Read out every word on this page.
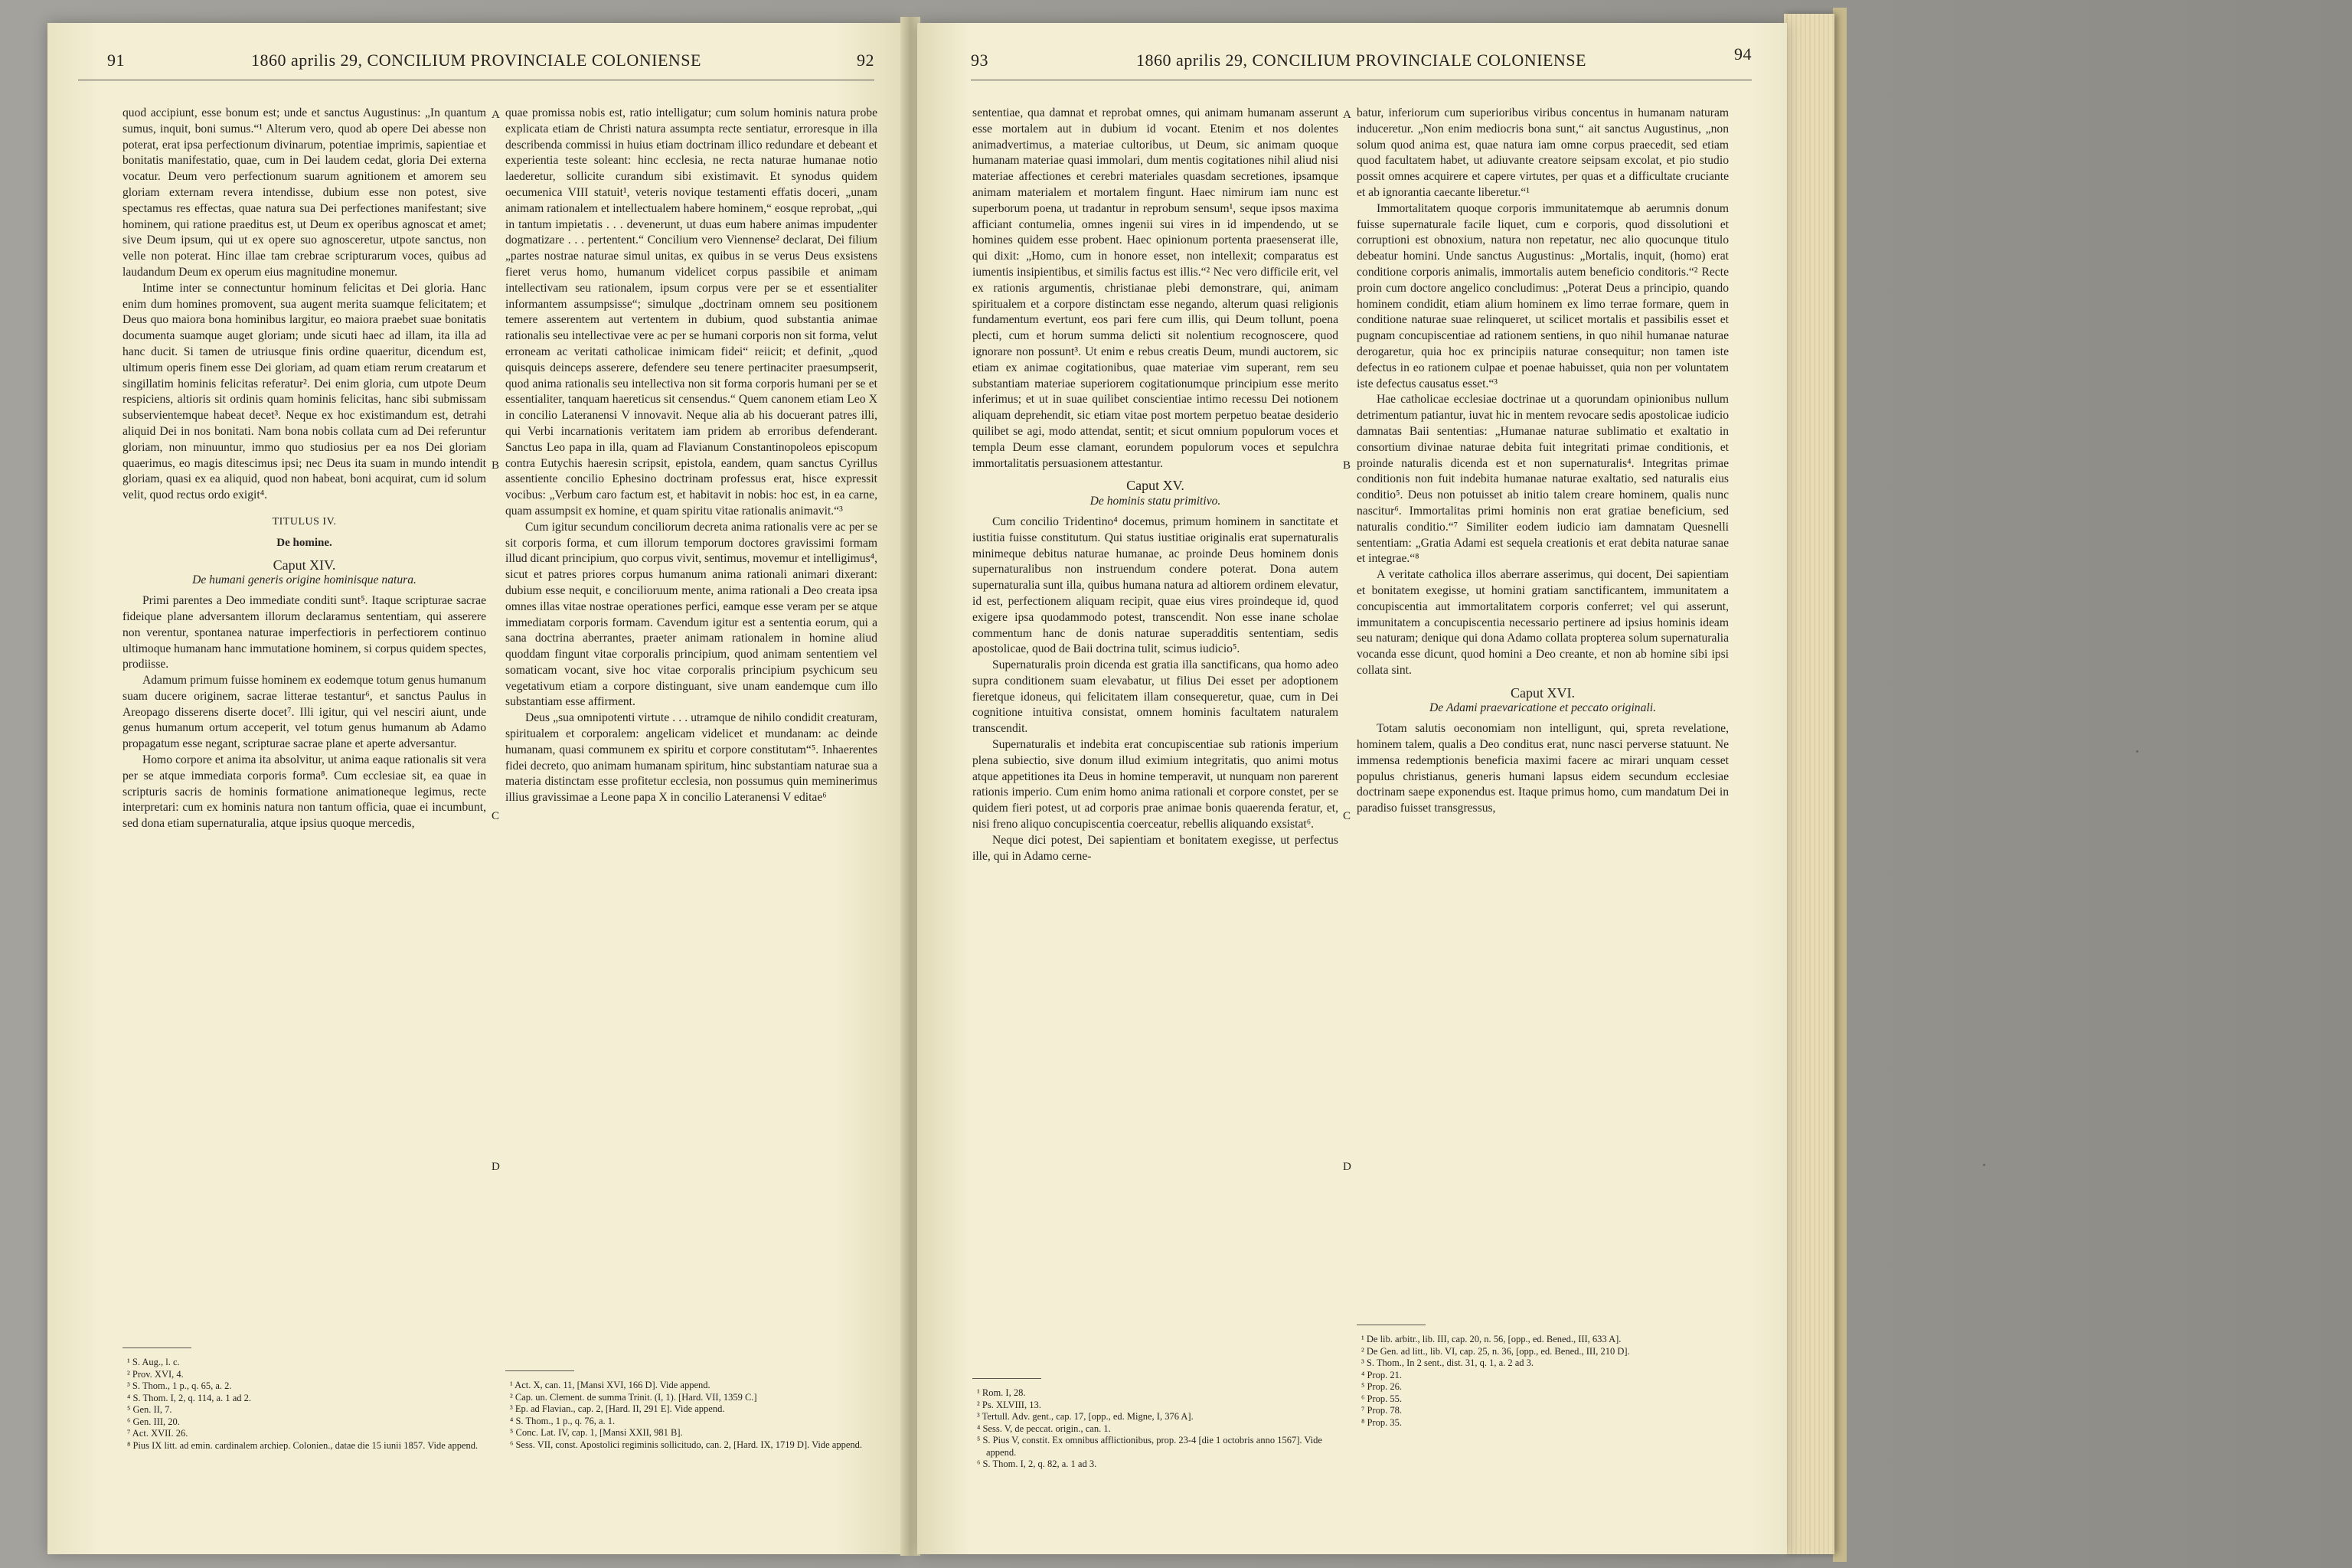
91	1860 aprilis 29, CONCILIUM PROVINCIALE COLONIENSE	92

quod accipiunt, esse bonum est; unde et sanctus Augustinus: „In quantum sumus, inquit, boni sumus.“¹ Alterum vero, quod ab opere Dei abesse non poterat, erat ipsa perfectionum divinarum, potentiae imprimis, sapientiae et bonitatis manifestatio, quae, cum in Dei laudem cedat, gloria Dei externa vocatur. Deum vero perfectionum suarum agnitionem et amorem seu gloriam externam revera intendisse, dubium esse non potest, sive spectamus res effectas, quae natura sua Dei perfectiones manifestant; sive hominem, qui ratione praeditus est, ut Deum ex operibus agnoscat et amet; sive Deum ipsum, qui ut ex opere suo agnosceretur, utpote sanctus, non velle non poterat. Hinc illae tam crebrae scripturarum voces, quibus ad laudandum Deum ex operum eius magnitudine monemur.

Intime inter se connectuntur hominum felicitas et Dei gloria. Hanc enim dum homines promovent, sua augent merita suamque felicitatem; et Deus quo maiora bona hominibus largitur, eo maiora praebet suae bonitatis documenta suamque auget gloriam; unde sicuti haec ad illam, ita illa ad hanc ducit. Si tamen de utriusque finis ordine quaeritur, dicendum est, ultimum operis finem esse Dei gloriam, ad quam etiam rerum creatarum et singillatim hominis felicitas referatur². Dei enim gloria, cum utpote Deum respiciens, altioris sit ordinis quam hominis felicitas, hanc sibi submissam subservientemque habeat decet³. Neque ex hoc existimandum est, detrahi aliquid Dei in nos bonitati. Nam bona nobis collata cum ad Dei referuntur gloriam, non minuuntur, immo quo studiosius per ea nos Dei gloriam quaerimus, eo magis ditescimus ipsi; nec Deus ita suam in mundo intendit gloriam, quasi ex ea aliquid, quod non habeat, boni acquirat, cum id solum velit, quod rectus ordo exigit⁴.

TITULUS IV.

De homine.

Caput XIV.

De humani generis origine hominisque natura.

Primi parentes a Deo immediate conditi sunt⁵. Itaque scripturae sacrae fideique plane adversantem illorum declaramus sententiam, qui asserere non verentur, spontanea naturae imperfectioris in perfectiorem continuo ultimoque humanam hanc immutatione hominem, si corpus quidem spectes, prodiisse.

Adamum primum fuisse hominem ex eodemque totum genus humanum suam ducere originem, sacrae litterae testantur⁶, et sanctus Paulus in Areopago disserens diserte docet⁷. Illi igitur, qui vel nesciri aiunt, unde genus humanum ortum acceperit, vel totum genus humanum ab Adamo propagatum esse negant, scripturae sacrae plane et aperte adversantur.

Homo corpore et anima ita absolvitur, ut anima eaque rationalis sit vera per se atque immediata corporis forma⁸. Cum ecclesiae sit, ea quae in scripturis sacris de hominis formatione animationeque legimus, recte interpretari: cum ex hominis natura non tantum officia, quae ei incumbunt, sed dona etiam supernaturalia, atque ipsius quoque mercedis,

¹ S. Aug., l. c.
² Prov. XVI, 4.
³ S. Thom., 1 p., q. 65, a. 2.
⁴ S. Thom. I, 2, q. 114, a. 1 ad 2.
⁵ Gen. II, 7.
⁶ Gen. III, 20.
⁷ Act. XVII. 26.
⁸ Pius IX litt. ad emin. cardinalem archiep. Colonien., datae die 15 iunii 1857. Vide append.
A
B
C
D

quae promissa nobis est, ratio intelligatur; cum solum hominis natura probe explicata etiam de Christi natura assumpta recte sentiatur, erroresque in illa describenda commissi in huius etiam doctrinam illico redundare et debeant et experientia teste soleant: hinc ecclesia, ne recta naturae humanae notio laederetur, sollicite curandum sibi existimavit. Et synodus quidem oecumenica VIII statuit¹, veteris novique testamenti effatis doceri, „unam animam rationalem et intellectualem habere hominem,“ eosque reprobat, „qui in tantum impietatis . . . devenerunt, ut duas eum habere animas impudenter dogmatizare . . . pertentent.“ Concilium vero Viennense² declarat, Dei filium „partes nostrae naturae simul unitas, ex quibus in se verus Deus exsistens fieret verus homo, humanum videlicet corpus passibile et animam intellectivam seu rationalem, ipsum corpus vere per se et essentialiter informantem assumpsisse“; simulque „doctrinam omnem seu positionem temere asserentem aut vertentem in dubium, quod substantia animae rationalis seu intellectivae vere ac per se humani corporis non sit forma, velut erroneam ac veritati catholicae inimicam fidei“ reiicit; et definit, „quod quisquis deinceps asserere, defendere seu tenere pertinaciter praesumpserit, quod anima rationalis seu intellectiva non sit forma corporis humani per se et essentialiter, tanquam haereticus sit censendus.“ Quem canonem etiam Leo X in concilio Lateranensi V innovavit. Neque alia ab his docuerant patres illi, qui Verbi incarnationis veritatem iam pridem ab erroribus defenderant. Sanctus Leo papa in illa, quam ad Flavianum Constantinopoleos episcopum contra Eutychis haeresin scripsit, epistola, eandem, quam sanctus Cyrillus assentiente concilio Ephesino doctrinam professus erat, hisce expressit vocibus: „Verbum caro factum est, et habitavit in nobis: hoc est, in ea carne, quam assumpsit ex homine, et quam spiritu vitae rationalis animavit.“³

Cum igitur secundum conciliorum decreta anima rationalis vere ac per se sit corporis forma, et cum illorum temporum doctores gravissimi formam illud dicant principium, quo corpus vivit, sentimus, movemur et intelligimus⁴, sicut et patres priores corpus humanum anima rationali animari dixerant: dubium esse nequit, e concilioruum mente, anima rationali a Deo creata ipsa omnes illas vitae nostrae operationes perfici, eamque esse veram per se atque immediatam corporis formam. Cavendum igitur est a sententia eorum, qui a sana doctrina aberrantes, praeter animam rationalem in homine aliud quoddam fingunt vitae corporalis principium, quod animam sententiem vel somaticam vocant, sive hoc vitae corporalis principium psychicum seu vegetativum etiam a corpore distinguant, sive unam eandemque cum illo substantiam esse affirment.

Deus „sua omnipotenti virtute . . . utramque de nihilo condidit creaturam, spiritualem et corporalem: angelicam videlicet et mundanam: ac deinde humanam, quasi communem ex spiritu et corpore constitutam“⁵. Inhaerentes fidei decreto, quo animam humanam spiritum, hinc substantiam naturae sua a materia distinctam esse profitetur ecclesia, non possumus quin meminerimus illius gravissimae a Leone papa X in concilio Lateranensi V editae⁶

¹ Act. X, can. 11, [Mansi XVI, 166 D]. Vide append.
² Cap. un. Clement. de summa Trinit. (I, 1). [Hard. VII, 1359 C.]
³ Ep. ad Flavian., cap. 2, [Hard. II, 291 E]. Vide append.
⁴ S. Thom., 1 p., q. 76, a. 1.
⁵ Conc. Lat. IV, cap. 1, [Mansi XXII, 981 B].
⁶ Sess. VII, const. Apostolici regiminis sollicitudo, can. 2, [Hard. IX, 1719 D]. Vide append.
93	1860 aprilis 29, CONCILIUM PROVINCIALE COLONIENSE	94

sententiae, qua damnat et reprobat omnes, qui animam humanam asserunt esse mortalem aut in dubium id vocant. Etenim et nos dolentes animadvertimus, a materiae cultoribus, ut Deum, sic animam quoque humanam materiae quasi immolari, dum mentis cogitationes nihil aliud nisi materiae affectiones et cerebri materiales quasdam secretiones, ipsamque animam materialem et mortalem fingunt. Haec nimirum iam nunc est superborum poena, ut tradantur in reprobum sensum¹, seque ipsos maxima afficiant contumelia, omnes ingenii sui vires in id impendendo, ut se homines quidem esse probent. Haec opinionum portenta praesenserat ille, qui dixit: „Homo, cum in honore esset, non intellexit; comparatus est iumentis insipientibus, et similis factus est illis.“² Nec vero difficile erit, vel ex rationis argumentis, christianae plebi demonstrare, qui, animam spiritualem et a corpore distinctam esse negando, alterum quasi religionis fundamentum evertunt, eos pari fere cum illis, qui Deum tollunt, poena plecti, cum et horum summa delicti sit nolentium recognoscere, quod ignorare non possunt³. Ut enim e rebus creatis Deum, mundi auctorem, sic etiam ex animae cogitationibus, quae materiae vim superant, rem seu substantiam materiae superiorem cogitationumque principium esse merito inferimus; et ut in suae quilibet conscientiae intimo recessu Dei notionem aliquam deprehendit, sic etiam vitae post mortem perpetuo beatae desiderio quilibet se agi, modo attendat, sentit; et sicut omnium populorum voces et templa Deum esse clamant, eorundem populorum voces et sepulchra immortalitatis persuasionem attestantur.

Caput XV.

De hominis statu primitivo.

Cum concilio Tridentino⁴ docemus, primum hominem in sanctitate et iustitia fuisse constitutum. Qui status iustitiae originalis erat supernaturalis minimeque debitus naturae humanae, ac proinde Deus hominem donis supernaturalibus non instruendum condere poterat. Dona autem supernaturalia sunt illa, quibus humana natura ad altiorem ordinem elevatur, id est, perfectionem aliquam recipit, quae eius vires proindeque id, quod exigere ipsa quodammodo potest, transcendit. Non esse inane scholae commentum hanc de donis naturae superadditis sententiam, sedis apostolicae, quod de Baii doctrina tulit, scimus iudicio⁵.

Supernaturalis proin dicenda est gratia illa sanctificans, qua homo adeo supra conditionem suam elevabatur, ut filius Dei esset per adoptionem fieretque idoneus, qui felicitatem illam consequeretur, quae, cum in Dei cognitione intuitiva consistat, omnem hominis facultatem naturalem transcendit.

Supernaturalis et indebita erat concupiscentiae sub rationis imperium plena subiectio, sive donum illud eximium integritatis, quo animi motus atque appetitiones ita Deus in homine temperavit, ut nunquam non parerent rationis imperio. Cum enim homo anima rationali et corpore constet, per se quidem fieri potest, ut ad corporis prae animae bonis quaerenda feratur, et, nisi freno aliquo concupiscentia coerceatur, rebellis aliquando exsistat⁶.

Neque dici potest, Dei sapientiam et bonitatem exegisse, ut perfectus ille, qui in Adamo cerne-

¹ Rom. I, 28.
² Ps. XLVIII, 13.
³ Tertull. Adv. gent., cap. 17, [opp., ed. Migne, I, 376 A].
⁴ Sess. V, de peccat. origin., can. 1.
⁵ S. Pius V, constit. Ex omnibus afflictionibus, prop. 23-4 [die 1 octobris anno 1567]. Vide append.
⁶ S. Thom. I, 2, q. 82, a. 1 ad 3.
A
B
C
D

batur, inferiorum cum superioribus viribus concentus in humanam naturam induceretur. „Non enim mediocris bona sunt,“ ait sanctus Augustinus, „non solum quod anima est, quae natura iam omne corpus praecedit, sed etiam quod facultatem habet, ut adiuvante creatore seipsam excolat, et pio studio possit omnes acquirere et capere virtutes, per quas et a difficultate cruciante et ab ignorantia caecante liberetur.“¹

Immortalitatem quoque corporis immunitatemque ab aerumnis donum fuisse supernaturale facile liquet, cum e corporis, quod dissolutioni et corruptioni est obnoxium, natura non repetatur, nec alio quocunque titulo debeatur homini. Unde sanctus Augustinus: „Mortalis, inquit, (homo) erat conditione corporis animalis, immortalis autem beneficio conditoris.“² Recte proin cum doctore angelico concludimus: „Poterat Deus a principio, quando hominem condidit, etiam alium hominem ex limo terrae formare, quem in conditione naturae suae relinqueret, ut scilicet mortalis et passibilis esset et pugnam concupiscentiae ad rationem sentiens, in quo nihil humanae naturae derogaretur, quia hoc ex principiis naturae consequitur; non tamen iste defectus in eo rationem culpae et poenae habuisset, quia non per voluntatem iste defectus causatus esset.“³

Hae catholicae ecclesiae doctrinae ut a quorundam opinionibus nullum detrimentum patiantur, iuvat hic in mentem revocare sedis apostolicae iudicio damnatas Baii sententias: „Humanae naturae sublimatio et exaltatio in consortium divinae naturae debita fuit integritati primae conditionis, et proinde naturalis dicenda est et non supernaturalis⁴. Integritas primae conditionis non fuit indebita humanae naturae exaltatio, sed naturalis eius conditio⁵. Deus non potuisset ab initio talem creare hominem, qualis nunc nascitur⁶. Immortalitas primi hominis non erat gratiae beneficium, sed naturalis conditio.“⁷ Similiter eodem iudicio iam damnatam Quesnelli sententiam: „Gratia Adami est sequela creationis et erat debita naturae sanae et integrae.“⁸

A veritate catholica illos aberrare asserimus, qui docent, Dei sapientiam et bonitatem exegisse, ut homini gratiam sanctificantem, immunitatem a concupiscentia aut immortalitatem corporis conferret; vel qui asserunt, immunitatem a concupiscentia necessario pertinere ad ipsius hominis ideam seu naturam; denique qui dona Adamo collata propterea solum supernaturalia vocanda esse dicunt, quod homini a Deo creante, et non ab homine sibi ipsi collata sint.

Caput XVI.

De Adami praevaricatione et peccato originali.

Totam salutis oeconomiam non intelligunt, qui, spreta revelatione, hominem talem, qualis a Deo conditus erat, nunc nasci perverse statuunt. Ne immensa redemptionis beneficia maximi facere ac mirari unquam cesset populus christianus, generis humani lapsus eidem secundum ecclesiae doctrinam saepe exponendus est. Itaque primus homo, cum mandatum Dei in paradiso fuisset transgressus,

¹ De lib. arbitr., lib. III, cap. 20, n. 56, [opp., ed. Bened., III, 633 A].
² De Gen. ad litt., lib. VI, cap. 25, n. 36, [opp., ed. Bened., III, 210 D].
³ S. Thom., In 2 sent., dist. 31, q. 1, a. 2 ad 3.
⁴ Prop. 21.
⁵ Prop. 26.
⁶ Prop. 55.
⁷ Prop. 78.
⁸ Prop. 35.
